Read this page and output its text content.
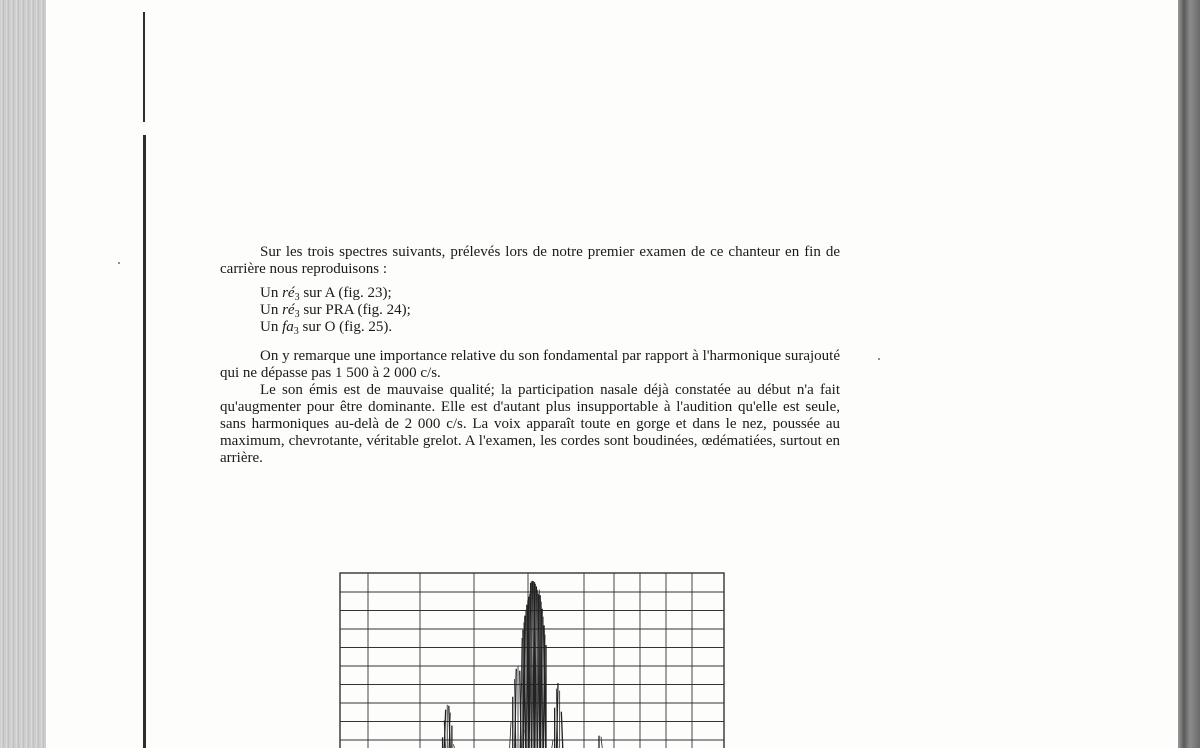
Sur les trois spectres suivants, prélevés lors de notre premier examen de ce chanteur en fin de carrière nous reproduisons :

Un $ré_3$ sur A (fig. 23);
Un $ré_3$ sur PRA (fig. 24);
Un $fa_3$ sur O (fig. 25).

On y remarque une importance relative du son fondamental par rapport à l'harmonique surajouté qui ne dépasse pas 1 500 à 2 000 c/s.

Le son émis est de mauvaise qualité; la participation nasale déjà constatée au début n'a fait qu'augmenter pour être dominante. Elle est d'autant plus insupportable à l'audition qu'elle est seule, sans harmoniques au-delà de 2 000 c/s. La voix apparaît toute en gorge et dans le nez, poussée au maximum, chevrotante, véritable grelot. A l'examen, les cordes sont boudinées, œdématiées, surtout en arrière.
